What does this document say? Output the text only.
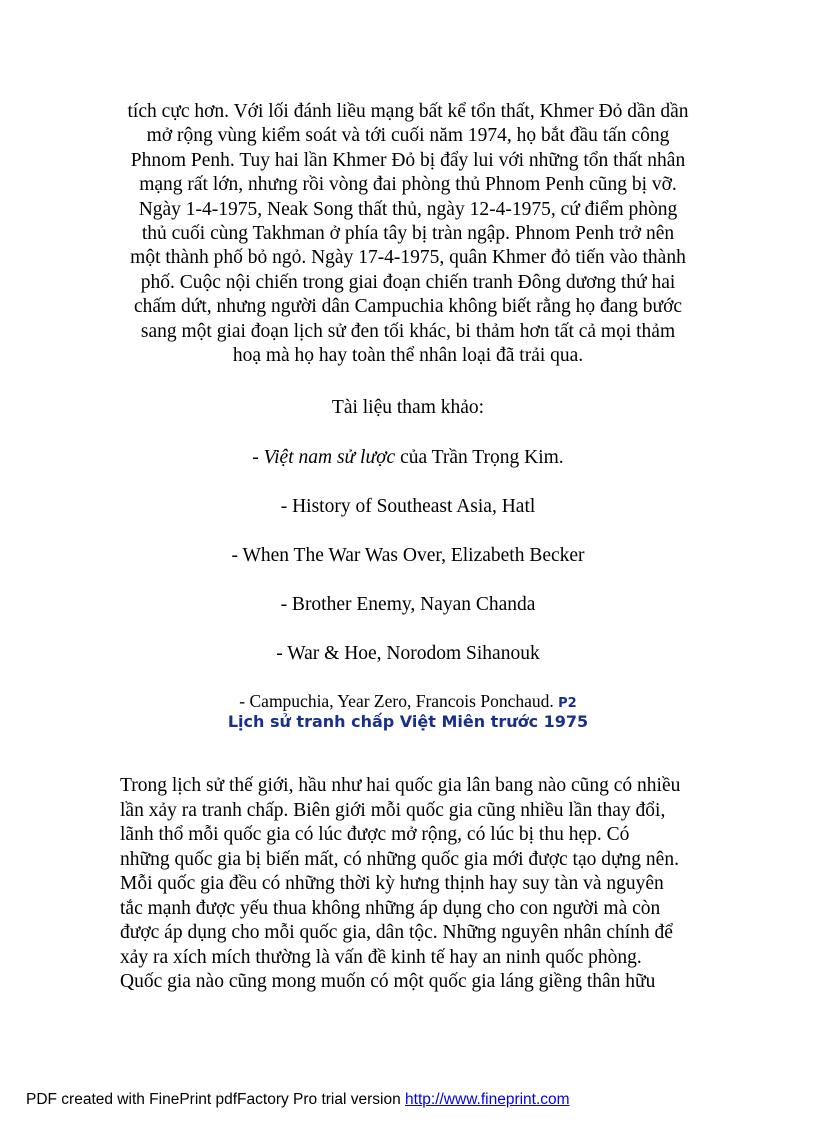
tích cực hơn. Với lối đánh liều mạng bất kể tổn thất, Khmer Đỏ dần dần
mở rộng vùng kiểm soát và tới cuối năm 1974, họ bắt đầu tấn công
Phnom Penh. Tuy hai lần Khmer Đỏ bị đẩy lui với những tổn thất nhân
mạng rất lớn, nhưng rồi vòng đai phòng thủ Phnom Penh cũng bị vỡ.
Ngày 1-4-1975, Neak Song thất thủ, ngày 12-4-1975, cứ điểm phòng
thủ cuối cùng Takhman ở phía tây bị tràn ngập. Phnom Penh trở nên
một thành phố bỏ ngỏ. Ngày 17-4-1975, quân Khmer đỏ tiến vào thành
phố. Cuộc nội chiến trong giai đoạn chiến tranh Đông dương thứ hai
chấm dứt, nhưng người dân Campuchia không biết rằng họ đang bước
sang một giai đoạn lịch sử đen tối khác, bi thảm hơn tất cả mọi thảm
hoạ mà họ hay toàn thể nhân loại đã trải qua.
Tài liệu tham khảo:
- Việt nam sử lược của Trần Trọng Kim.
- History of Southeast Asia, Hatl
- When The War Was Over, Elizabeth Becker
- Brother Enemy, Nayan Chanda
- War & Hoe, Norodom Sihanouk
- Campuchia, Year Zero, Francois Ponchaud. P2
Lịch sử tranh chấp Việt Miên trước 1975
Trong lịch sử thế giới, hầu như hai quốc gia lân bang nào cũng có nhiều
lần xảy ra tranh chấp. Biên giới mỗi quốc gia cũng nhiều lần thay đổi,
lãnh thổ mỗi quốc gia có lúc được mở rộng, có lúc bị thu hẹp. Có
những quốc gia bị biến mất, có những quốc gia mới được tạo dựng nên.
Mỗi quốc gia đều có những thời kỳ hưng thịnh hay suy tàn và nguyên
tắc mạnh được yếu thua không những áp dụng cho con người mà còn
được áp dụng cho mỗi quốc gia, dân tộc. Những nguyên nhân chính để
xảy ra xích mích thường là vấn đề kinh tế hay an ninh quốc phòng.
Quốc gia nào cũng mong muốn có một quốc gia láng giềng thân hữu
PDF created with FinePrint pdfFactory Pro trial version http://www.fineprint.com
